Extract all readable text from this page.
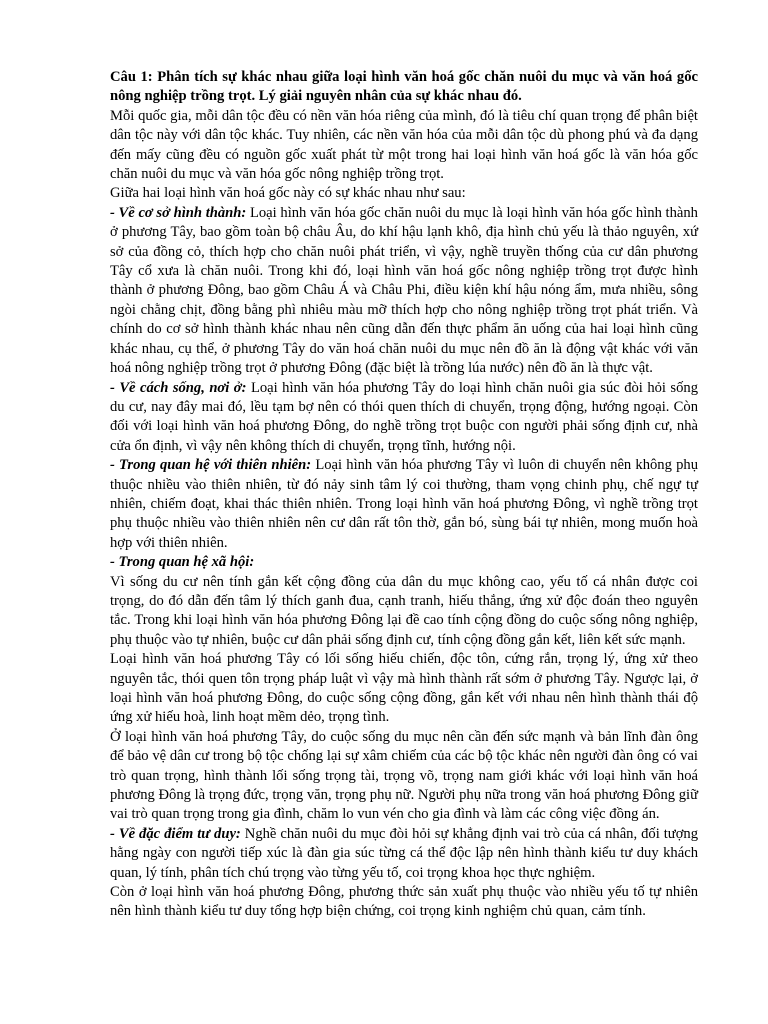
Câu 1: Phân tích sự khác nhau giữa loại hình văn hoá gốc chăn nuôi du mục và văn hoá gốc nông nghiệp trồng trọt. Lý giải nguyên nhân của sự khác nhau đó.

Mỗi quốc gia, mỗi dân tộc đều có nền văn hóa riêng của mình, đó là tiêu chí quan trọng để phân biệt dân tộc này với dân tộc khác. Tuy nhiên, các nền văn hóa của mỗi dân tộc dù phong phú và đa dạng đến mấy cũng đều có nguồn gốc xuất phát từ một trong hai loại hình văn hoá gốc là văn hóa gốc chăn nuôi du mục và văn hóa gốc nông nghiệp trồng trọt.

Giữa hai loại hình văn hoá gốc này có sự khác nhau như sau:

- Về cơ sở hình thành: Loại hình văn hóa gốc chăn nuôi du mục là loại hình văn hóa gốc hình thành ở phương Tây, bao gồm toàn bộ châu Âu, do khí hậu lạnh khô, địa hình chủ yếu là thảo nguyên, xứ sở của đồng cỏ, thích hợp cho chăn nuôi phát triển, vì vậy, nghề truyền thống của cư dân phương Tây cổ xưa là chăn nuôi. Trong khi đó, loại hình văn hoá gốc nông nghiệp trồng trọt được hình thành ở phương Đông, bao gồm Châu Á và Châu Phi, điều kiện khí hậu nóng ẩm, mưa nhiều, sông ngòi chằng chịt, đồng bằng phì nhiêu màu mỡ thích hợp cho nông nghiệp trồng trọt phát triển. Và chính do cơ sở hình thành khác nhau nên cũng dẫn đến thực phẩm ăn uống của hai loại hình cũng khác nhau, cụ thể, ở phương Tây do văn hoá chăn nuôi du mục nên đồ ăn là động vật khác với văn hoá nông nghiệp trồng trọt ở phương Đông (đặc biệt là trồng lúa nước) nên đồ ăn là thực vật.

- Về cách sống, nơi ở: Loại hình văn hóa phương Tây do loại hình chăn nuôi gia súc đòi hỏi sống du cư, nay đây mai đó, lều tạm bợ nên có thói quen thích di chuyển, trọng động, hướng ngoại. Còn đối với loại hình văn hoá phương Đông, do nghề trồng trọt buộc con người phải sống định cư, nhà cửa ổn định, vì vậy nên không thích di chuyển, trọng tĩnh, hướng nội.

- Trong quan hệ với thiên nhiên: Loại hình văn hóa phương Tây vì luôn di chuyển nên không phụ thuộc nhiều vào thiên nhiên, từ đó nảy sinh tâm lý coi thường, tham vọng chinh phụ, chế ngự tự nhiên, chiếm đoạt, khai thác thiên nhiên. Trong loại hình văn hoá phương Đông, vì nghề trồng trọt phụ thuộc nhiều vào thiên nhiên nên cư dân rất tôn thờ, gắn bó, sùng bái tự nhiên, mong muốn hoà hợp với thiên nhiên.

- Trong quan hệ xã hội:

Vì sống du cư nên tính gắn kết cộng đồng của dân du mục không cao, yếu tố cá nhân được coi trọng, do đó dẫn đến tâm lý thích ganh đua, cạnh tranh, hiếu thắng, ứng xử độc đoán theo nguyên tắc. Trong khi loại hình văn hóa phương Đông lại đề cao tính cộng đồng do cuộc sống nông nghiệp, phụ thuộc vào tự nhiên, buộc cư dân phải sống định cư, tính cộng đồng gắn kết, liên kết sức mạnh.

Loại hình văn hoá phương Tây có lối sống hiếu chiến, độc tôn, cứng rắn, trọng lý, ứng xử theo nguyên tắc, thói quen tôn trọng pháp luật vì vậy mà hình thành rất sớm ở phương Tây. Ngược lại, ở loại hình văn hoá phương Đông, do cuộc sống cộng đồng, gắn kết với nhau nên hình thành thái độ ứng xử hiếu hoà, linh hoạt mềm dẻo, trọng tình.

Ở loại hình văn hoá phương Tây, do cuộc sống du mục nên cần đến sức mạnh và bản lĩnh đàn ông để bảo vệ dân cư trong bộ tộc chống lại sự xâm chiếm của các bộ tộc khác nên người đàn ông có vai trò quan trọng, hình thành lối sống trọng tài, trọng võ, trọng nam giới khác với loại hình văn hoá phương Đông là trọng đức, trọng văn, trọng phụ nữ. Người phụ nữa trong văn hoá phương Đông giữ vai trò quan trọng trong gia đình, chăm lo vun vén cho gia đình và làm các công việc đồng án.

- Về đặc điểm tư duy: Nghề chăn nuôi du mục đòi hỏi sự khẳng định vai trò của cá nhân, đối tượng hằng ngày con người tiếp xúc là đàn gia súc từng cá thể độc lập nên hình thành kiểu tư duy khách quan, lý tính, phân tích chú trọng vào từng yếu tố, coi trọng khoa học thực nghiệm.

Còn ở loại hình văn hoá phương Đông, phương thức sản xuất phụ thuộc vào nhiều yếu tố tự nhiên nên hình thành kiểu tư duy tổng hợp biện chứng, coi trọng kinh nghiệm chủ quan, cảm tính.
